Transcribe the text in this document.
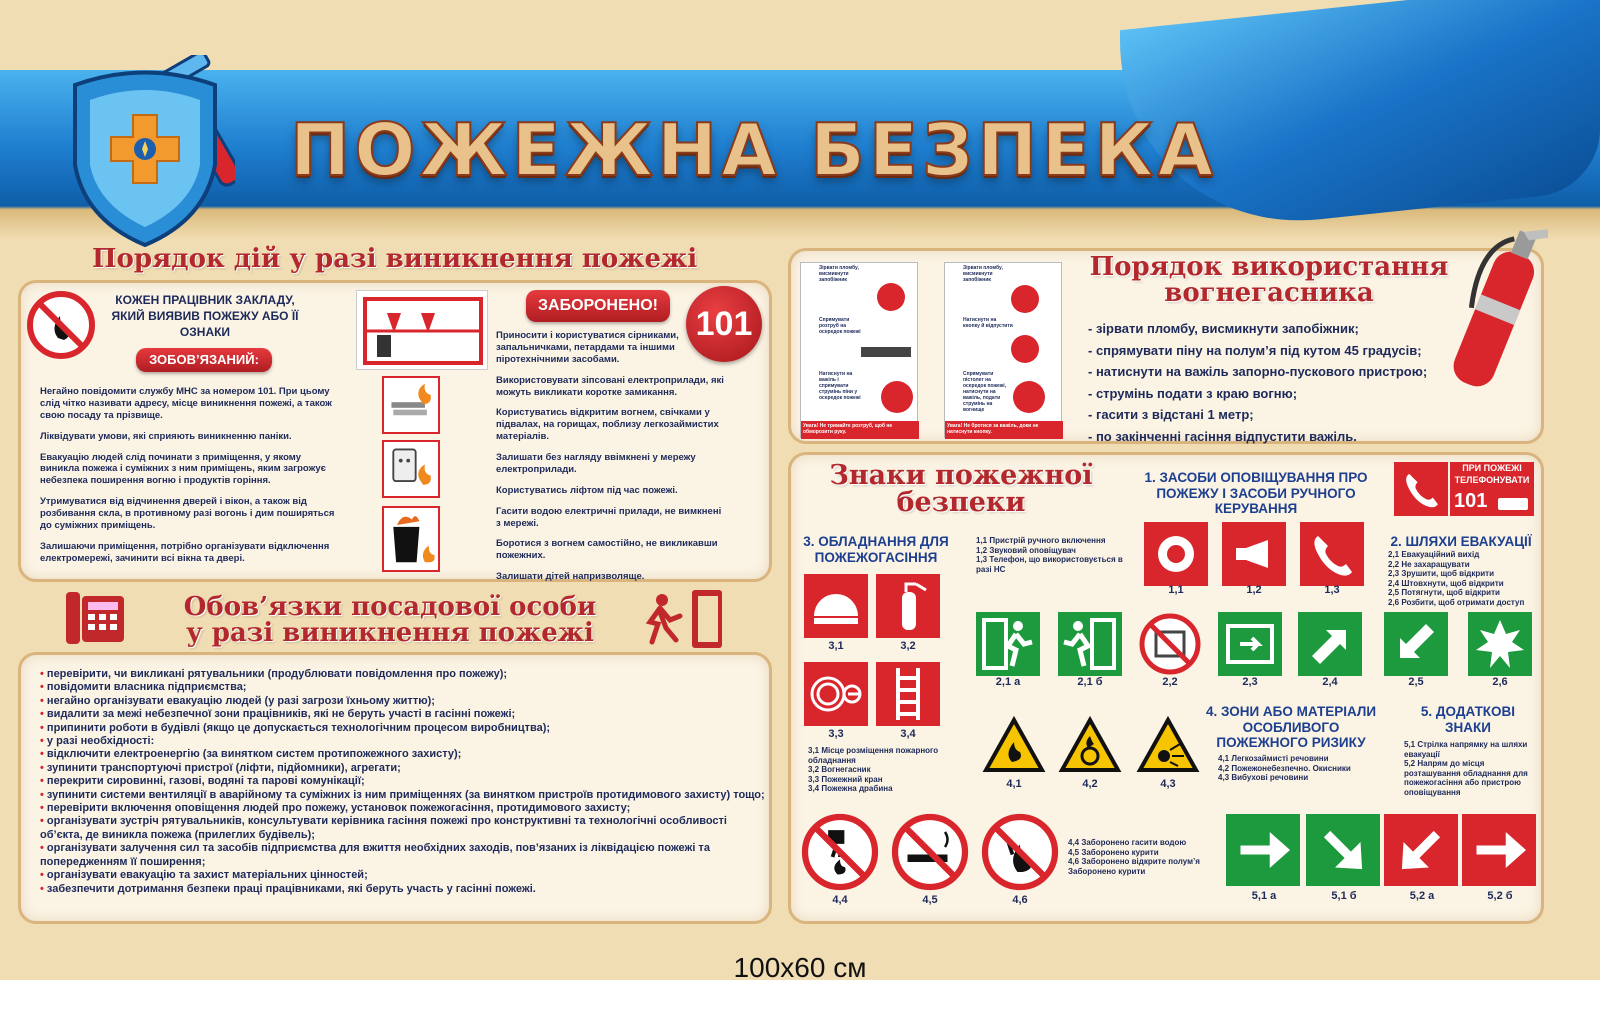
ПОЖЕЖНА БЕЗПЕКА
Порядок дій у разі виникнення пожежі
КОЖЕН ПРАЦІВНИК ЗАКЛАДУ, ЯКИЙ ВИЯВИВ ПОЖЕЖУ АБО ЇЇ ОЗНАКИ
ЗОБОВ’ЯЗАНИЙ:
Негайно повідомити службу МНС за номером 101. При цьому слід чітко називати адресу, місце виникнення пожежі, а також свою посаду та прізвище.
Ліквідувати умови, які сприяють виникненню паніки.
Евакуацію людей слід починати з приміщення, у якому виникла пожежа і суміжних з ним приміщень, яким загрожує небезпека поширення вогню і продуктів горіння.
Утримуватися від відчинення дверей і вікон, а також від розбивання скла, в противному разі вогонь і дим поширяться до суміжних приміщень.
Залишаючи приміщення, потрібно організувати відключення електромережі, зачинити всі вікна та двері.
ЗАБОРОНЕНО!	101
Приносити і користуватися сірниками, запальничками, петардами та іншими піротехнічними засобами.
Використовувати зіпсовані електроприлади, які можуть викликати коротке замикання.
Користуватись відкритим вогнем, свічками у підвалах, на горищах, поблизу легкозаймистих матеріалів.
Залишати без нагляду ввімкнені у мережу електроприлади.
Користуватись ліфтом під час пожежі.
Гасити водою електричні прилади, не вимкнені з мережі.
Боротися з вогнем самостійно, не викликавши пожежних.
Залишати дітей напризволяще.
Обов’язки посадової особи
у разі виникнення пожежі
• перевірити, чи викликані рятувальники (продублювати повідомлення про пожежу);
• повідомити власника підприємства;
• негайно організувати евакуацію людей (у разі загрози їхньому життю);
• видалити за межі небезпечної зони працівників, які не беруть участі в гасінні пожежі;
• припинити роботи в будівлі (якщо це допускається технологічним процесом виробництва);
• у разі необхідності:
• відключити електроенергію (за винятком систем протипожежного захисту);
• зупинити транспортуючі пристрої (ліфти, підйомники), агрегати;
• перекрити сировинні, газові, водяні та парові комунікації;
• зупинити системи вентиляції в аварійному та суміжних із ним приміщеннях (за винятком пристроїв протидимового захисту) тощо;
• перевірити включення оповіщення людей про пожежу, установок пожежогасіння, протидимового захисту;
• організувати зустріч рятувальників, консультувати керівника гасіння пожежі про конструктивні та технологічні особливості об’єкта, де виникла пожежа (прилеглих будівель);
• організувати залучення сил та засобів підприємства для вжиття необхідних заходів, пов’язаних із ліквідацією пожежі та попередженням її поширення;
• організувати евакуацію та захист матеріальних цінностей;
• забезпечити дотримання безпеки праці працівниками, які беруть участь у гасінні пожежі.
Зірвати пломбу, висмикнути запобіжник
Спрямувати розтруб на осередок пожежі
Натиснути на важіль і спрямувати струмінь піни у осередок пожежі
Увага! Не тримайте розтруб, щоб не обморозити руку.
Зірвати пломбу, висмикнути запобіжник
Натиснути на кнопку й відпустити
Спрямувати пістолет на осередок пожежі, натиснути на важіль, подати струмінь на вогнище
Увага! Не бротися за важіль, доки не натиснути кнопку.
Порядок використання
вогнегасника
- зірвати пломбу, висмикнути запобіжник;
- спрямувати піну на полум’я під кутом 45 градусів;
- натиснути на важіль запорно-пускового пристрою;
- струмінь подати з краю вогню;
- гасити з відстані 1 метр;
- по закінченні гасіння відпустити важіль.
Знаки пожежної
безпеки
1. ЗАСОБИ ОПОВІЩУВАННЯ ПРО ПОЖЕЖУ І ЗАСОБИ РУЧНОГО КЕРУВАННЯ
1,1 Пристрій ручного включення
1,2 Звуковий оповіщувач
1,3 Телефон, що використовується в разі НС
1,1	1,2	1,3
ПРИ ПОЖЕЖІ
ТЕЛЕФОНУВАТИ
101
2. ШЛЯХИ ЕВАКУАЦІЇ
2,1 Евакуаційний вихід
2,2 Не захаращувати
2,3 Зрушити, щоб відкрити
2,4 Штовхнути, щоб відкрити
2,5 Потягнути, щоб відкрити
2,6 Розбити, щоб отримати доступ
2,1 а	2,1 б	2,2	2,3	2,4	2,5	2,6
3. ОБЛАДНАННЯ ДЛЯ ПОЖЕЖОГАСІННЯ
3,1	3,2
3,3	3,4
3,1 Місце розміщення пожарного обладнання
3,2 Вогнегасник
3,3 Пожежний кран
3,4 Пожежна драбина
4. ЗОНИ АБО МАТЕРІАЛИ ОСОБЛИВОГО ПОЖЕЖНОГО РИЗИКУ
4,1	4,2	4,3
4,1 Легкозаймисті речовини
4,2 Пожежонебезпечно. Окисники
4,3 Вибухові речовини
4,4	4,5	4,6
4,4 Заборонено гасити водою
4,5 Заборонено курити
4,6 Заборонено відкрите полум’я Заборонено курити
5. ДОДАТКОВІ ЗНАКИ
5,1 Стрілка напрямку на шляхи евакуації
5,2 Напрям до місця розташування обладнання для пожежогасіння або пристрою оповіщування
5,1 а	5,1 б	5,2 а	5,2 б
100х60 см
